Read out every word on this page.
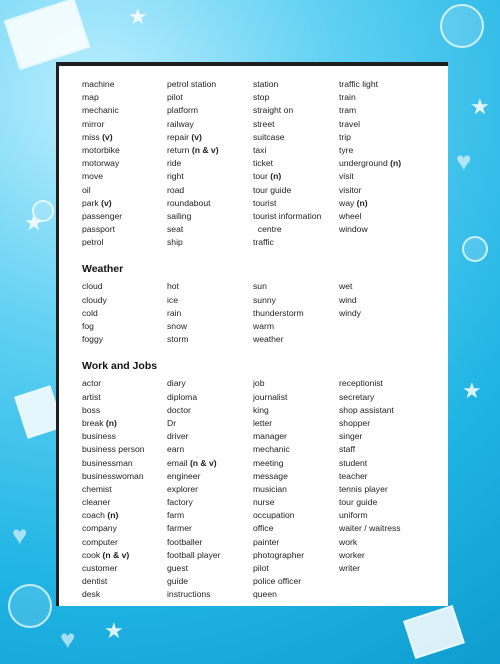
★
★
★
★
★
♥
♥
♥
machine
map
mechanic
mirror
miss (v)
motorbike
motorway
move
oil
park (v)
passenger
passport
petrol
petrol station
pilot
platform
railway
repair (v)
return (n & v)
ride
right
road
roundabout
sailing
seat
ship
station
stop
straight on
street
suitcase
taxi
ticket
tour (n)
tour guide
tourist
tourist information
centre
traffic
traffic light
train
tram
travel
trip
tyre
underground (n)
visit
visitor
way (n)
wheel
window
Weather
cloud
cloudy
cold
fog
foggy
hot
ice
rain
snow
storm
sun
sunny
thunderstorm
warm
weather
wet
wind
windy
Work and Jobs
actor
artist
boss
break (n)
business
business person
businessman
businesswoman
chemist
cleaner
coach (n)
company
computer
cook (n & v)
customer
dentist
desk
diary
diploma
doctor
Dr
driver
earn
email (n & v)
engineer
explorer
factory
farm
farmer
footballer
football player
guest
guide
instructions
job
journalist
king
letter
manager
mechanic
meeting
message
musician
nurse
occupation
office
painter
photographer
pilot
police officer
queen
receptionist
secretary
shop assistant
shopper
singer
staff
student
teacher
tennis player
tour guide
uniform
waiter / waitress
work
worker
writer
